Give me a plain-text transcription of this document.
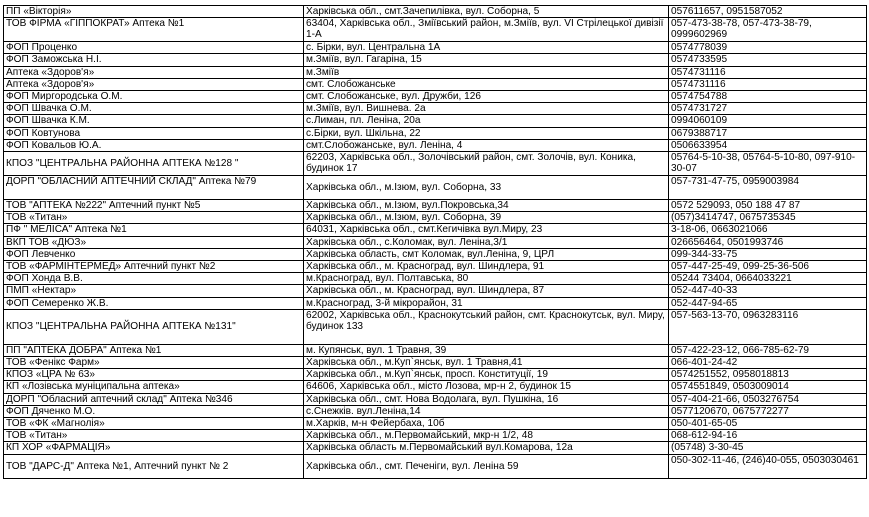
ПП «Вікторія»	Харківська обл., смт.Зачепилівка, вул. Соборна, 5	057611657, 0951587052
ТОВ ФІРМА «ГІППОКРАТ» Аптека №1	63404, Харківська обл., Зміївський район, м.Зміїв, вул. VI Стрілецької дивізії 1-А	057-473-38-78, 057-473-38-79, 0999602969
ФОП Проценко	с. Бірки, вул. Центральна 1А	0574778039
ФОП Заможська Н.І.	м.Зміїв, вул. Гагаріна, 15	0574733595
Аптека «Здоров'я»	м.Зміїв	0574731116
Аптека «Здоров'я»	смт. Слобожанське	0574731116
ФОП Миргородська О.М.	смт. Слобожанське, вул. Дружби, 126	0574754788
ФОП Швачка О.М.	м.Зміїв, вул. Вишнева. 2а	0574731727
ФОП Швачка К.М.	с.Лиман, пл. Леніна, 20а	0994060109
ФОП Ковтунова	с.Бірки, вул. Шкільна, 22	0679388717
ФОП Ковальов Ю.А.	смт.Слобожанське, вул. Леніна, 4	0506633954
КПОЗ "ЦЕНТРАЛЬНА РАЙОННА АПТЕКА №128 "	62203, Харківська обл., Золочівський район, смт. Золочів, вул. Коника, будинок 17	05764-5-10-38, 05764-5-10-80, 097-910-30-07
ДОРП "ОБЛАСНИЙ АПТЕЧНИЙ СКЛАД" Аптека №79	Харківська обл., м.Ізюм, вул. Соборна, 33	057-731-47-75, 0959003984
ТОВ "АПТЕКА №222" Аптечний пункт №5	Харківська обл., м.Ізюм, вул.Покровська,34	0572 529093, 050 188 47 87
ТОВ «Титан»	Харківська обл., м.Ізюм, вул. Соборна, 39	(057)3414747, 0675735345
ПФ " МЕЛІСА" Аптека №1	64031, Харківська обл., смт.Кегичівка вул.Миру, 23	3-18-06, 0663021066
ВКП ТОВ «ДЮЗ»	Харківська обл., с.Коломак, вул. Леніна,3/1	026656464, 0501993746
ФОП Левченко	Харківська область, смт Коломак, вул.Леніна, 9, ЦРЛ	099-344-33-75
ТОВ «ФАРМІНТЕРМЕД» Аптечний пункт №2	Харківська обл., м. Красноград, вул. Шиндлера, 91	057-447-25-49, 099-25-36-506
ФОП Хонда В.В.	м.Красноград, вул. Полтавська, 80	05244 73404, 0664033221
ПМП «Нектар»	Харківська обл., м. Красноград, вул. Шиндлера, 87	052-447-40-33
ФОП Семеренко Ж.В.	м.Красноград, 3-й мікрорайон, 31	052-447-94-65
КПОЗ "ЦЕНТРАЛЬНА РАЙОННА АПТЕКА №131"	62002, Харківська обл., Краснокутський район, смт. Краснокутськ, вул. Миру, будинок 133	057-563-13-70, 0963283116
ПП "АПТЕКА ДОБРА" Аптека №1	м. Купянськ, вул. 1 Травня, 39	057-422-23-12, 066-785-62-79
ТОВ «Фенікс Фарм»	Харківська обл., м.Куп`янськ, вул. 1 Травня,41	066-401-24-42
КПОЗ «ЦРА № 63»	Харківська обл., м.Куп`янськ, просп. Конституції, 19	0574251552, 0958018813
КП «Лозівська муніципальна аптека»	64606, Харківська обл., місто Лозова, мр-н 2, будинок 15	0574551849, 0503009014
ДОРП "Обласний аптечний склад" Аптека №346	Харківська обл., смт. Нова Водолага, вул. Пушкіна, 16	057-404-21-66, 0503276754
ФОП Дяченко М.О.	с.Снежків. вул.Леніна,14	0577120670, 0675772277
ТОВ «ФК «Магнолія»	м.Харків, м-н Фейербаха, 10б	050-401-65-05
ТОВ «Титан»	Харківська обл., м.Первомайський, мкр-н 1/2, 48	068-612-94-16
КП ХОР «ФАРМАЦІЯ»	Харківська область м.Первомайський вул.Комарова, 12а	(05748) 3-30-45
ТОВ "ДАРС-Д" Аптека №1, Аптечний пункт № 2	Харківська обл., смт. Печеніги, вул. Леніна 59	050-302-11-46, (246)40-055, 0503030461
